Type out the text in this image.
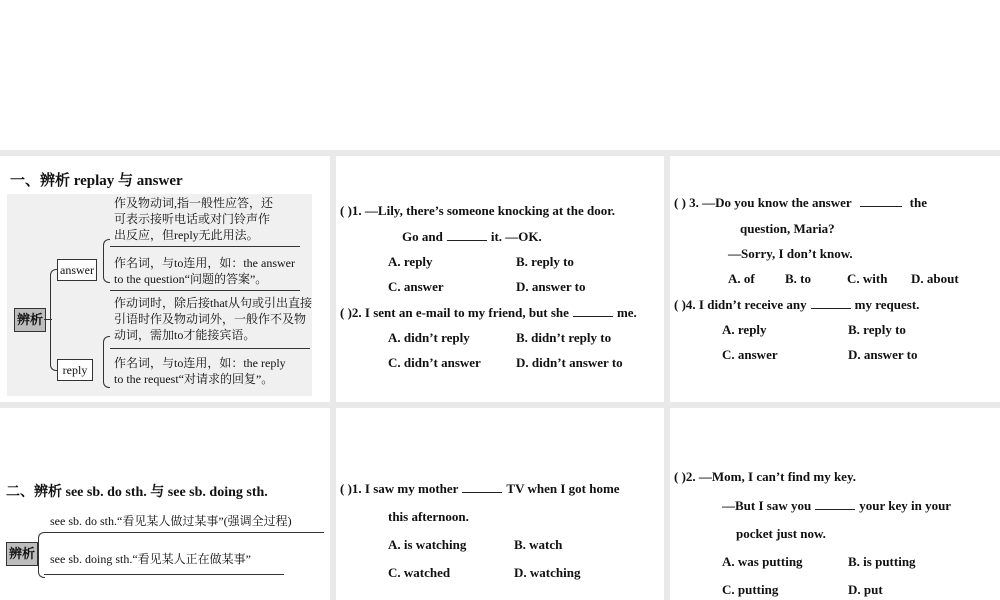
一、辨析 replay 与 answer
辨析
answer
reply
作及物动词,指一般性应答，还
可表示接听电话或对门铃声作
出反应，但reply无此用法。
作名词，与to连用，如：the answer
to the question“问题的答案”。
作动词时，除后接that从句或引出直接
引语时作及物动词外，一般作不及物
动词，需加to才能接宾语。
作名词，与to连用，如：the reply
to the request“对请求的回复”。
( )1. —Lily, there’s someone knocking at the door.
Go and	it. —OK.
A. reply	B. reply to
C. answer	D. answer to
( )2. I sent an e-mail to my friend, but she	me.
A. didn’t reply	B. didn’t reply to
C. didn’t answer	D. didn’t answer to
( ) 3. —Do you know the answer	the
question, Maria?
—Sorry, I don’t know.
A. of B. to	C. with D. about
( )4. I didn’t receive any	my request.
A. reply	B. reply to
C. answer	D. answer to
二、辨析 see sb. do sth. 与 see sb. doing sth.
see sb. do sth.“看见某人做过某事”(强调全过程)
辨析 see sb. doing sth.“看见某人正在做某事”
( )1. I saw my mother	TV when I got home
this afternoon.
A. is watching	B. watch
C. watched	D. watching
( )2. —Mom, I can’t find my key.
—But I saw you	your key in your
pocket just now.
A. was putting	B. is putting
C. putting	D. put
